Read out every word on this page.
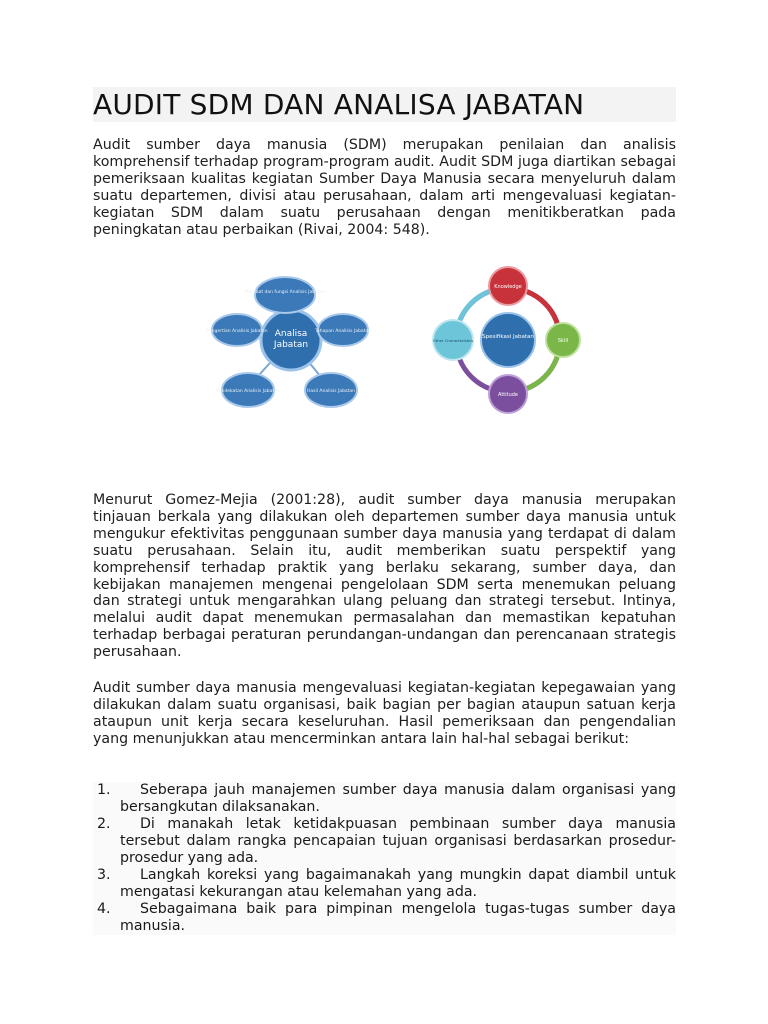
AUDIT SDM DAN ANALISA JABATAN
Audit sumber daya manusia (SDM) merupakan penilaian dan analisis komprehensif terhadap program-program audit. Audit SDM juga diartikan sebagai pemeriksaan kualitas kegiatan Sumber Daya Manusia secara menyeluruh dalam suatu departemen, divisi atau perusahaan, dalam arti mengevaluasi kegiatan-kegiatan SDM dalam suatu perusahaan dengan menitikberatkan pada peningkatan atau perbaikan (Rivai, 2004: 548).
Analisa Jabatan
Manfaat dan fungsi Analisis Jabatan
Tahapan Analisis Jabatan
Hasil Analisis Jabatan
Pendekatan Analisis Jabatan
Pengertian Analisis Jabatan
Spesifikasi Jabatan
Knowledge
Skill
Attitude
Other Characteristics
Menurut Gomez-Mejia (2001:28), audit sumber daya manusia merupakan tinjauan berkala yang dilakukan oleh departemen sumber daya manusia untuk mengukur efektivitas penggunaan sumber daya manusia yang terdapat di dalam suatu perusahaan. Selain itu, audit memberikan suatu perspektif yang komprehensif terhadap praktik yang berlaku sekarang, sumber daya, dan kebijakan manajemen mengenai pengelolaan SDM serta menemukan peluang dan strategi untuk mengarahkan ulang peluang dan strategi tersebut. Intinya, melalui audit dapat menemukan permasalahan dan memastikan kepatuhan terhadap berbagai peraturan perundangan-undangan dan perencanaan strategis perusahaan.
Audit sumber daya manusia mengevaluasi kegiatan-kegiatan kepegawaian yang dilakukan dalam suatu organisasi, baik bagian per bagian ataupun satuan kerja ataupun unit kerja secara keseluruhan. Hasil pemeriksaan dan pengendalian yang menunjukkan atau mencerminkan antara lain hal-hal sebagai berikut:
1.	Seberapa jauh manajemen sumber daya manusia dalam organisasi yang bersangkutan dilaksanakan.
2.	Di manakah letak ketidakpuasan pembinaan sumber daya manusia tersebut dalam rangka pencapaian tujuan organisasi berdasarkan prosedur-prosedur yang ada.
3.	Langkah koreksi yang bagaimanakah yang mungkin dapat diambil untuk mengatasi kekurangan atau kelemahan yang ada.
4.	Sebagaimana baik para pimpinan mengelola tugas-tugas sumber daya manusia.
